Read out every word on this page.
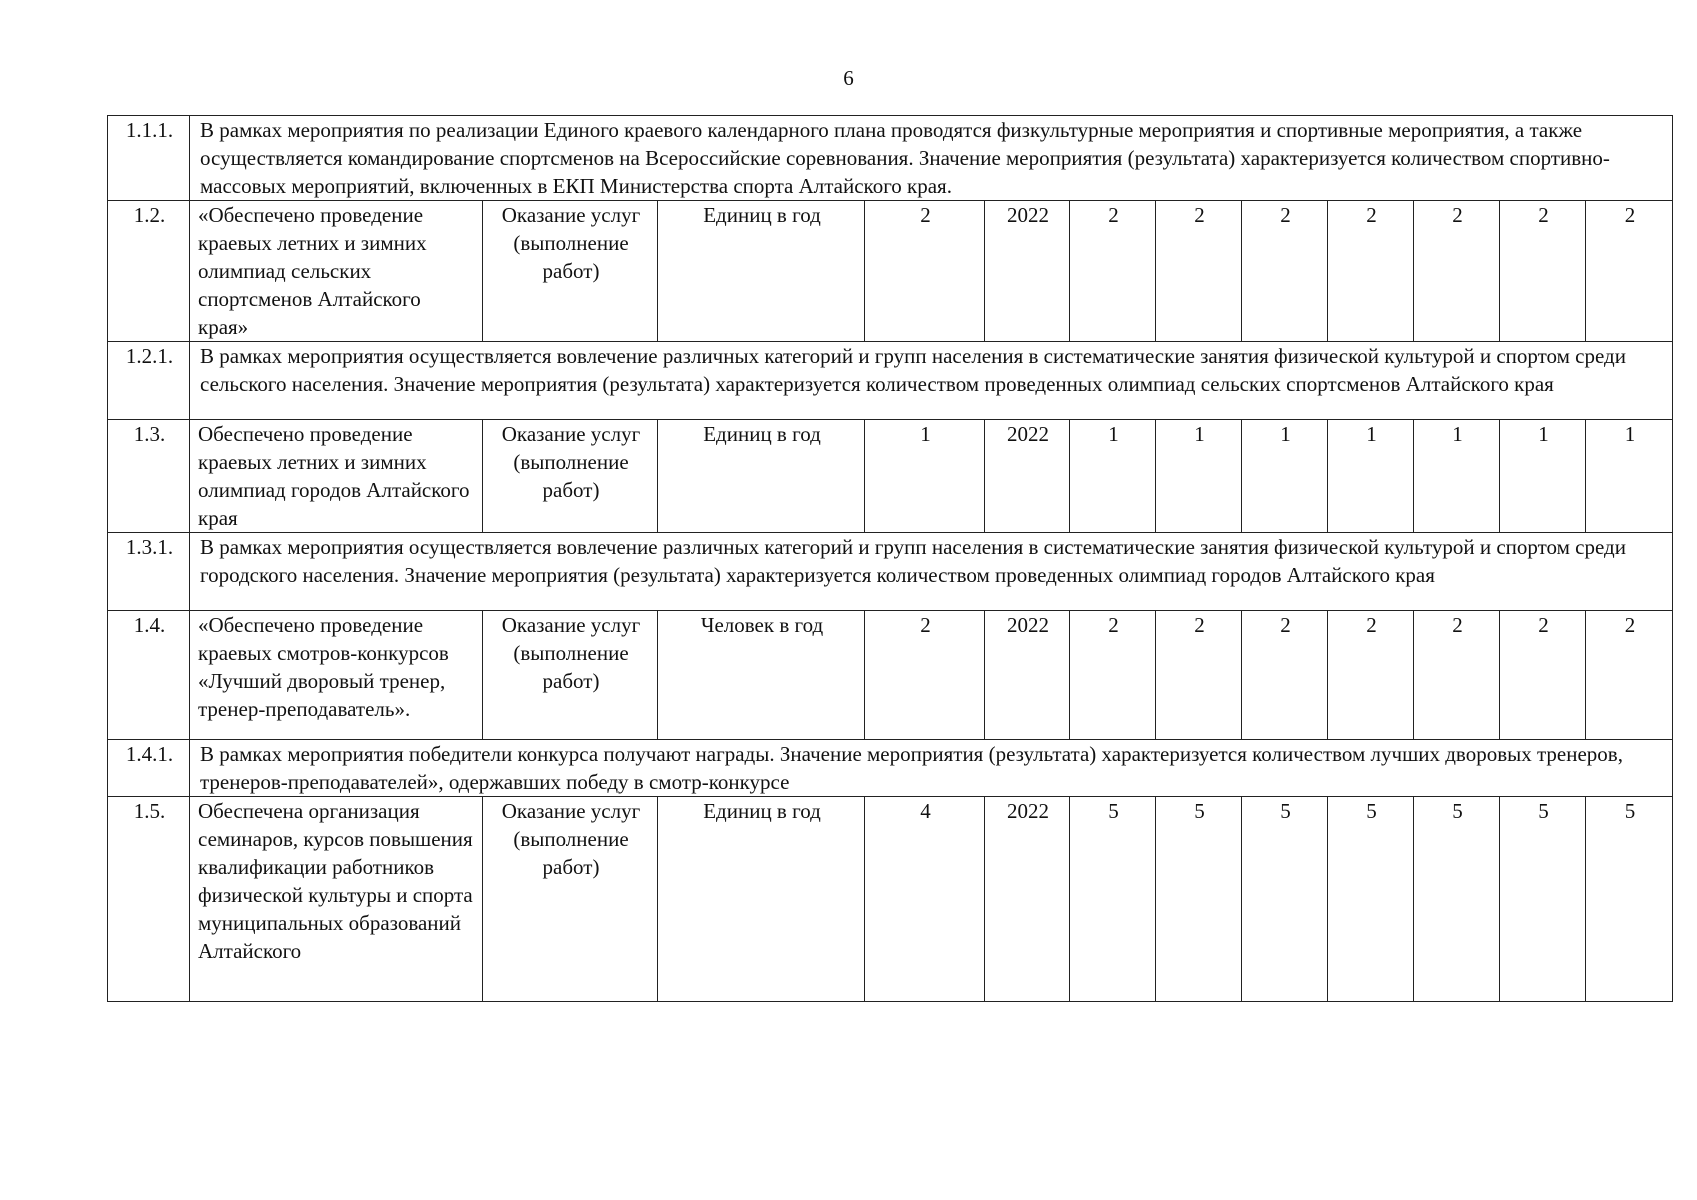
6
1.1.1.	В рамках мероприятия по реализации Единого краевого календарного плана проводятся физкультурные мероприятия и спортивные мероприятия, а также осуществляется командирование спортсменов на Всероссийские соревнования. Значение мероприятия (результата) характеризуется количеством спортивно-массовых мероприятий, включенных в ЕКП Министерства спорта Алтайского края.											
1.2.	«Обеспечено проведение краевых летних и зимних олимпиад сельских спортсменов Алтайского края»	Оказание услуг (выполнение работ)	Единиц в год	2	2022	2	2	2	2	2	2	2
1.2.1.	В рамках мероприятия осуществляется вовлечение различных категорий и групп населения в систематические занятия физической культурой и спортом среди сельского населения. Значение мероприятия (результата) характеризуется количеством проведенных олимпиад сельских спортсменов Алтайского края											
1.3.	Обеспечено проведение краевых летних и зимних олимпиад городов Алтайского края	Оказание услуг (выполнение работ)	Единиц в год	1	2022	1	1	1	1	1	1	1
1.3.1.	В рамках мероприятия осуществляется вовлечение различных категорий и групп населения в систематические занятия физической культурой и спортом среди городского населения. Значение мероприятия (результата) характеризуется количеством проведенных олимпиад городов Алтайского края											
1.4.	«Обеспечено проведение краевых смотров-конкурсов «Лучший дворовый тренер, тренер-преподаватель».	Оказание услуг (выполнение работ)	Человек в год	2	2022	2	2	2	2	2	2	2
1.4.1.	В рамках мероприятия победители конкурса получают награды. Значение мероприятия (результата) характеризуется количеством лучших дворовых тренеров, тренеров-преподавателей», одержавших победу в смотр-конкурсе											
1.5.	Обеспечена организация семинаров, курсов повышения квалификации работников физической культуры и спорта муниципальных образований Алтайского	Оказание услуг (выполнение работ)	Единиц в год	4	2022	5	5	5	5	5	5	5
